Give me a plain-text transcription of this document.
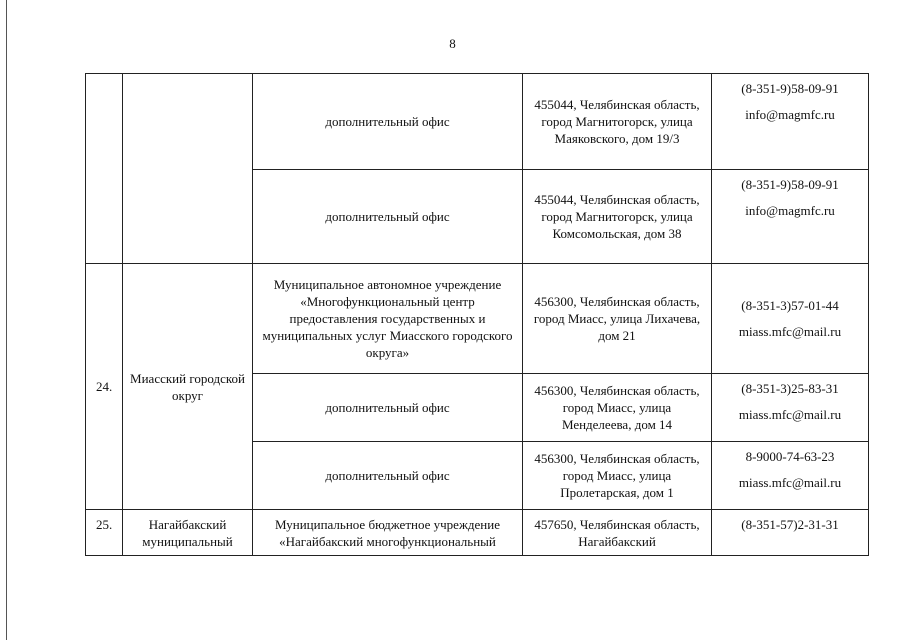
8
		дополнительный офис	455044, Челябинская область, город Магнитогорск, улица Маяковского, дом 19/3	(8-351-9)58-09-91
info@magmfc.ru

		дополнительный офис	455044, Челябинская область, город Магнитогорск, улица Комсомольская, дом 38	(8-351-9)58-09-91
info@magmfc.ru

24.	Миасский городской округ	Муниципальное автономное учреждение «Многофункциональный центр предоставления государственных и муниципальных услуг Миасского городского округа»	456300, Челябинская область, город Миасс, улица Лихачева, дом 21	(8-351-3)57-01-44
miass.mfc@mail.ru

		дополнительный офис	456300, Челябинская область, город Миасс, улица Менделеева, дом 14	(8-351-3)25-83-31
miass.mfc@mail.ru

		дополнительный офис	456300, Челябинская область, город Миасс, улица Пролетарская, дом 1	8-9000-74-63-23
miass.mfc@mail.ru

25.	Нагайбакский муниципальный	Муниципальное бюджетное учреждение «Нагайбакский многофункциональный	457650, Челябинская область, Нагайбакский	(8-351-57)2-31-31
